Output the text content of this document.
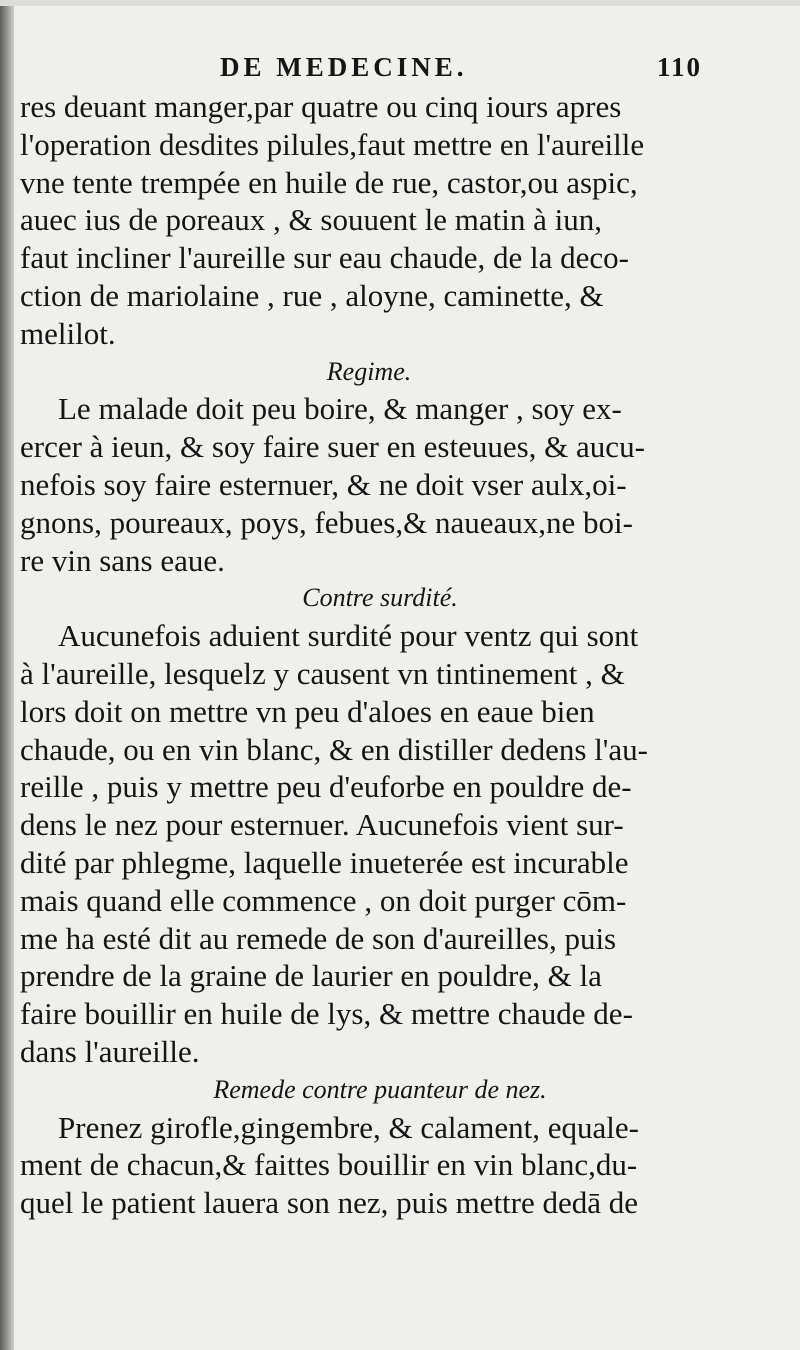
DE MEDECINE.	110
res deuant manger,par quatre ou cinq iours apres
l'operation desdites pilules,faut mettre en l'aureille
vne tente trempée en huile de rue, castor,ou aspic,
auec ius de poreaux , & souuent le matin à iun,
faut incliner l'aureille sur eau chaude, de la deco-
ction de mariolaine , rue , aloyne, caminette, &
melilot.
Regime.
Le malade doit peu boire, & manger , soy ex-
ercer à ieun, & soy faire suer en esteuues, & aucu-
nefois soy faire esternuer, & ne doit vser aulx,oi-
gnons, poureaux, poys, febues,& naueaux,ne boi-
re vin sans eaue.
Contre surdité.
Aucunefois aduient surdité pour ventz qui sont
à l'aureille, lesquelz y causent vn tintinement , &
lors doit on mettre vn peu d'aloes en eaue bien
chaude, ou en vin blanc, & en distiller dedens l'au-
reille , puis y mettre peu d'euforbe en pouldre de-
dens le nez pour esternuer. Aucunefois vient sur-
dité par phlegme, laquelle inueterée est incurable
mais quand elle commence , on doit purger cōm-
me ha esté dit au remede de son d'aureilles, puis
prendre de la graine de laurier en pouldre, & la
faire bouillir en huile de lys, & mettre chaude de-
dans l'aureille.
Remede contre puanteur de nez.
Prenez girofle,gingembre, & calament, equale-
ment de chacun,& faittes bouillir en vin blanc,du-
quel le patient lauera son nez, puis mettre dedā de
